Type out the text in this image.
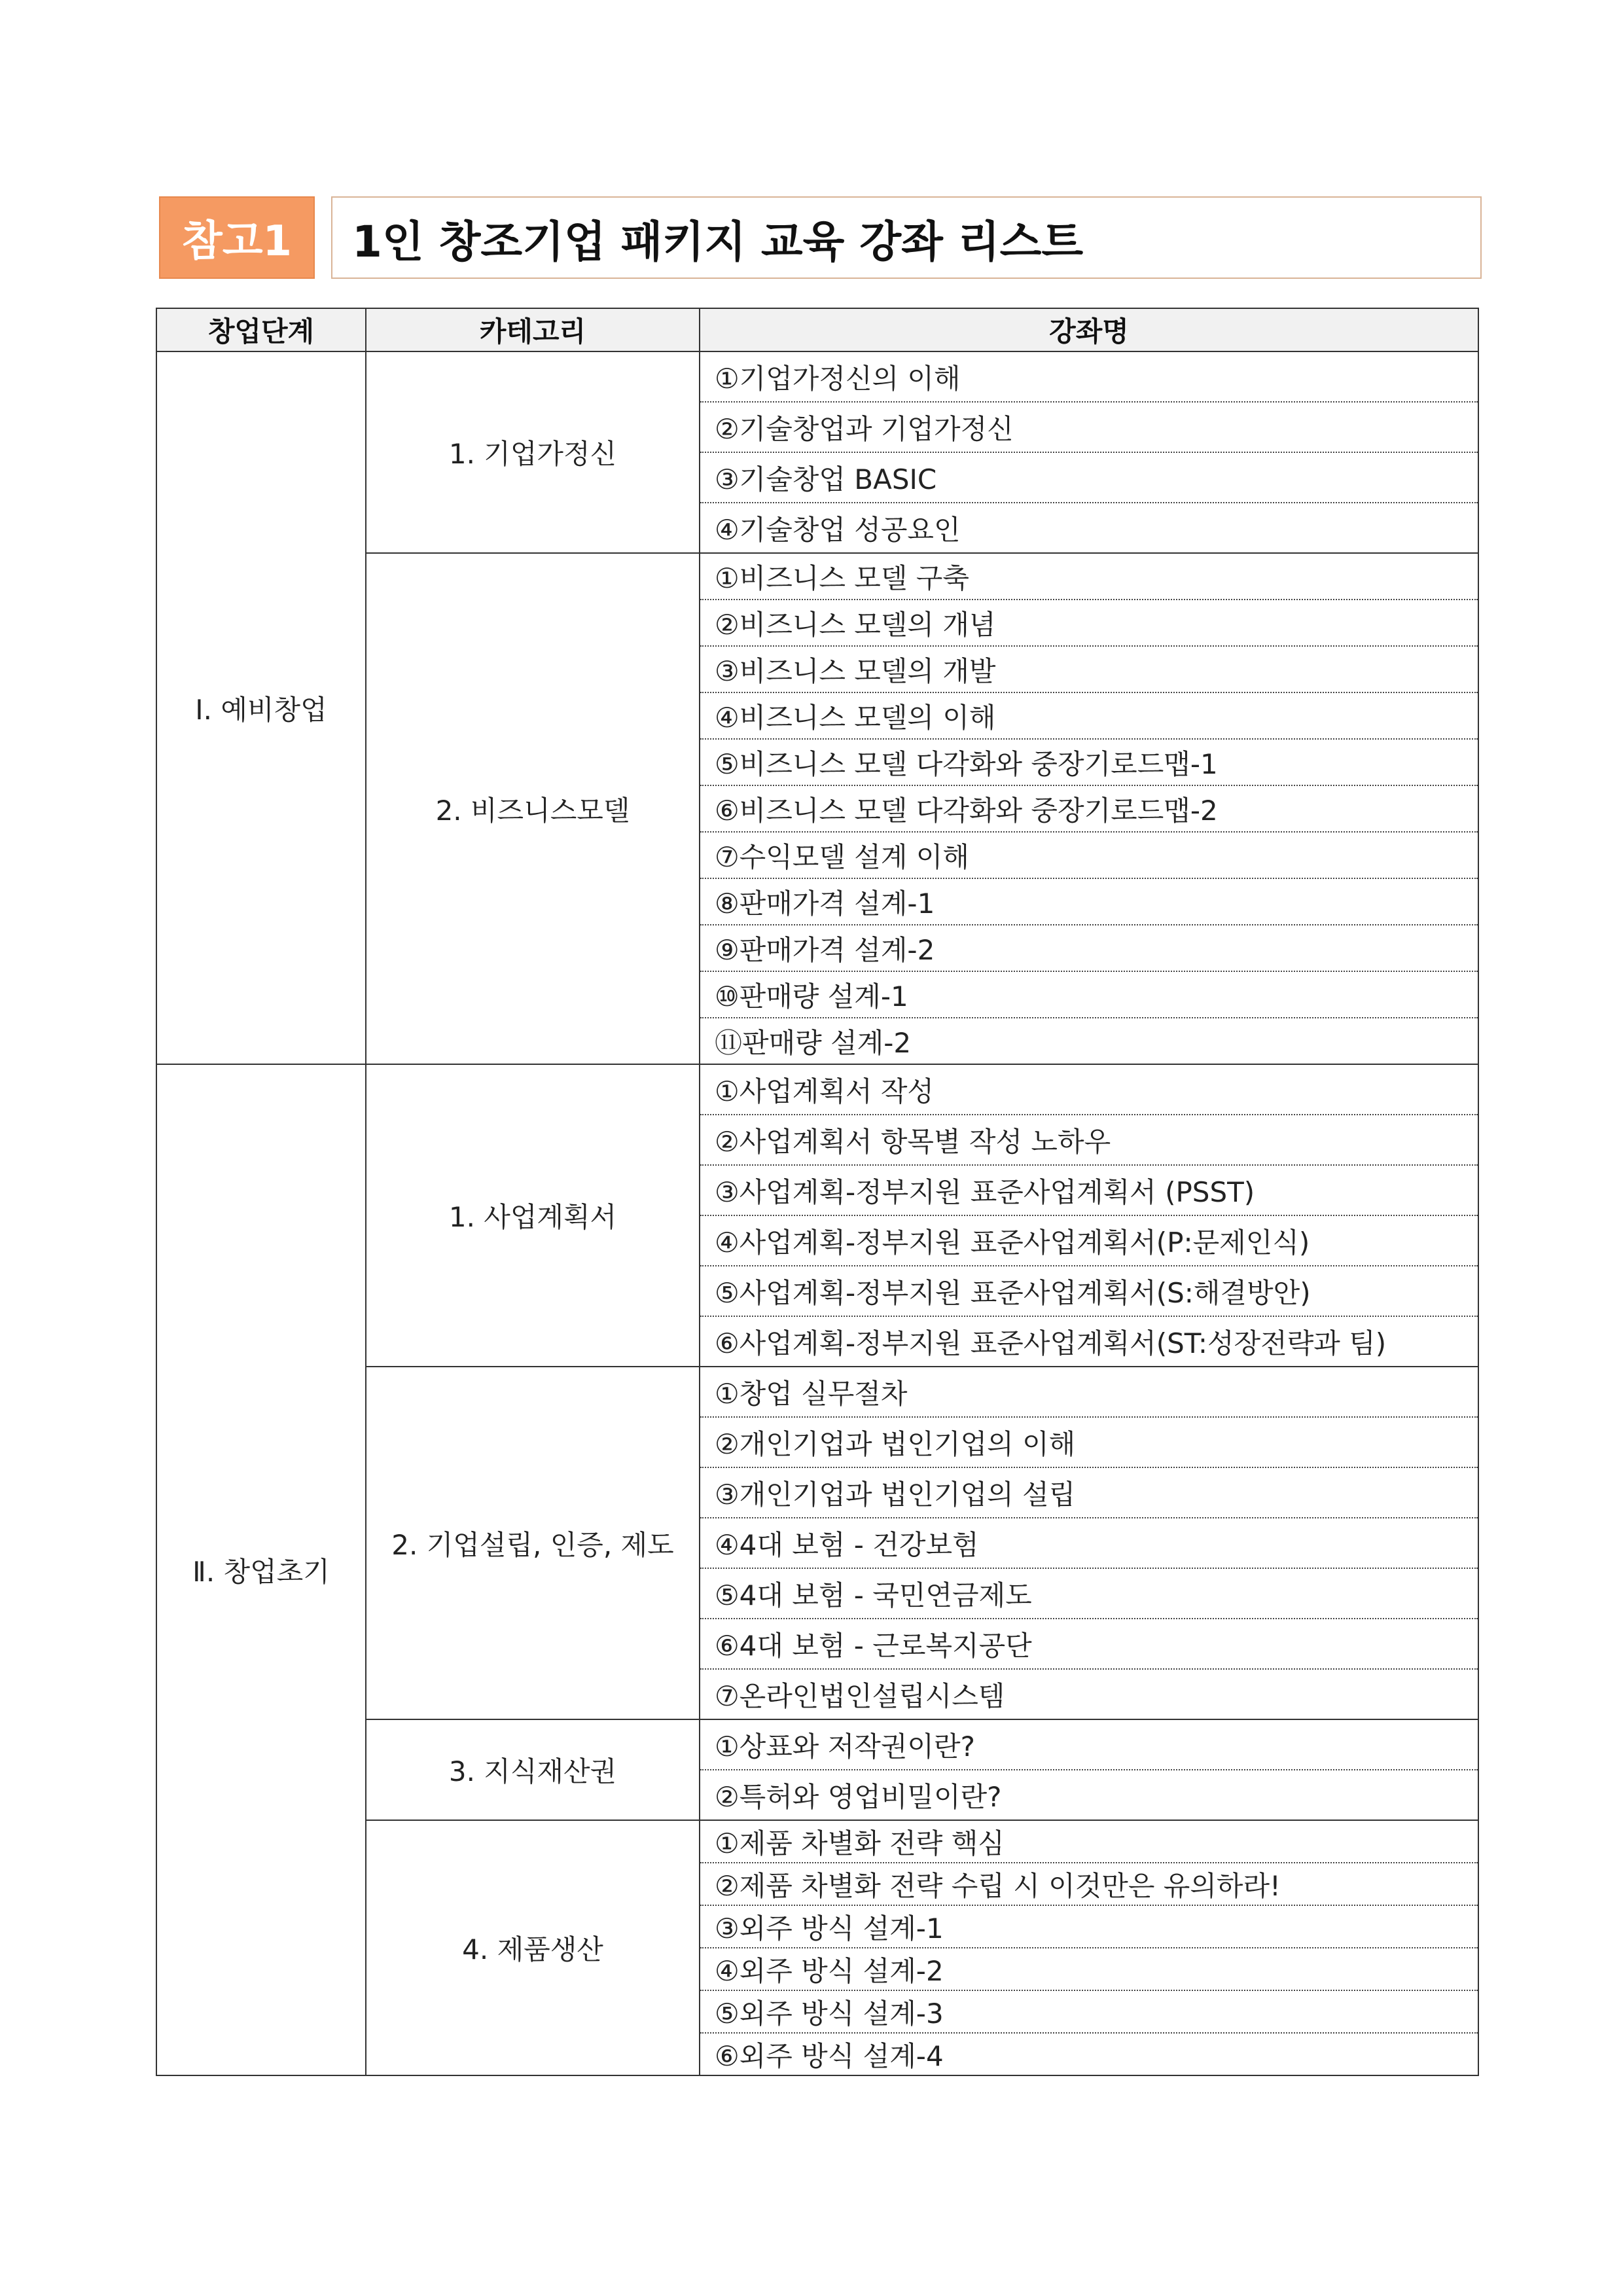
참고1	1인 창조기업 패키지 교육 강좌 리스트
창업단계	카테고리	강좌명
Ⅰ. 예비창업	1. 기업가정신	①기업가정신의 이해
		②기술창업과 기업가정신
		③기술창업 BASIC
		④기술창업 성공요인
	2. 비즈니스모델	①비즈니스 모델 구축
		②비즈니스 모델의 개념
		③비즈니스 모델의 개발
		④비즈니스 모델의 이해
		⑤비즈니스 모델 다각화와 중장기로드맵-1
		⑥비즈니스 모델 다각화와 중장기로드맵-2
		⑦수익모델 설계 이해
		⑧판매가격 설계-1
		⑨판매가격 설계-2
		⑩판매량 설계-1
		⑪판매량 설계-2
Ⅱ. 창업초기	1. 사업계획서	①사업계획서 작성
		②사업계획서 항목별 작성 노하우
		③사업계획-정부지원 표준사업계획서 (PSST)
		④사업계획-정부지원 표준사업계획서(P:문제인식)
		⑤사업계획-정부지원 표준사업계획서(S:해결방안)
		⑥사업계획-정부지원 표준사업계획서(ST:성장전략과 팀)
	2. 기업설립, 인증, 제도	①창업 실무절차
		②개인기업과 법인기업의 이해
		③개인기업과 법인기업의 설립
		④4대 보험 - 건강보험
		⑤4대 보험 - 국민연금제도
		⑥4대 보험 - 근로복지공단
		⑦온라인법인설립시스템
	3. 지식재산권	①상표와 저작권이란?
		②특허와 영업비밀이란?
	4. 제품생산	①제품 차별화 전략 핵심
		②제품 차별화 전략 수립 시 이것만은 유의하라!
		③외주 방식 설계-1
		④외주 방식 설계-2
		⑤외주 방식 설계-3
		⑥외주 방식 설계-4
